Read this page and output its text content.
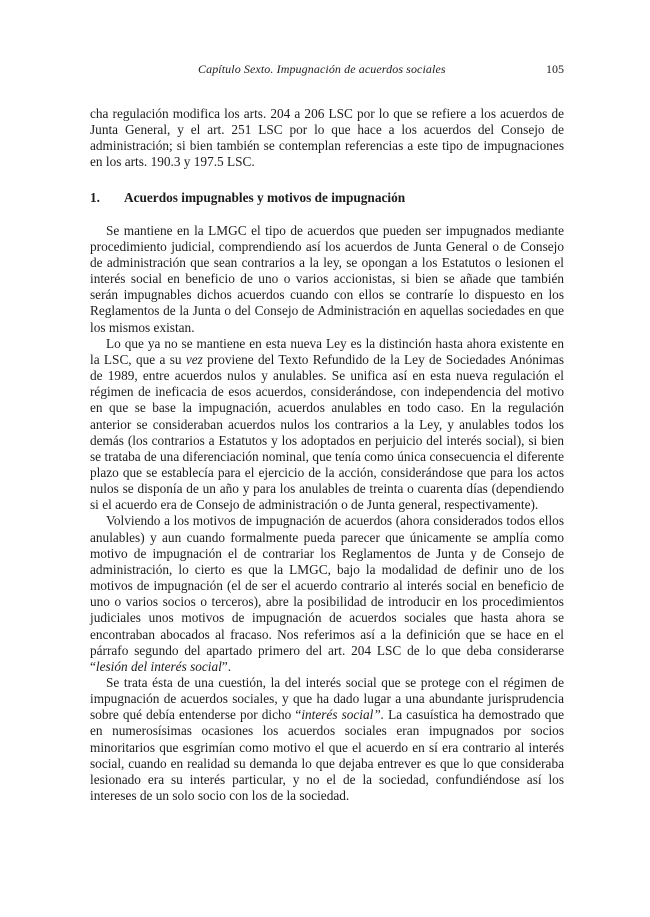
Capítulo Sexto. Impugnación de acuerdos sociales	105

cha regulación modifica los arts. 204 a 206 LSC por lo que se refiere a los acuerdos de Junta General, y el art. 251 LSC por lo que hace a los acuerdos del Consejo de administración; si bien también se contemplan referencias a este tipo de impugnaciones en los arts. 190.3 y 197.5 LSC.

1. Acuerdos impugnables y motivos de impugnación

Se mantiene en la LMGC el tipo de acuerdos que pueden ser impugnados mediante procedimiento judicial, comprendiendo así los acuerdos de Junta General o de Consejo de administración que sean contrarios a la ley, se opongan a los Estatutos o lesionen el interés social en beneficio de uno o varios accionistas, si bien se añade que también serán impugnables dichos acuerdos cuando con ellos se contraríe lo dispuesto en los Reglamentos de la Junta o del Consejo de Administración en aquellas sociedades en que los mismos existan.

Lo que ya no se mantiene en esta nueva Ley es la distinción hasta ahora existente en la LSC, que a su vez proviene del Texto Refundido de la Ley de Sociedades Anónimas de 1989, entre acuerdos nulos y anulables. Se unifica así en esta nueva regulación el régimen de ineficacia de esos acuerdos, considerándose, con independencia del motivo en que se base la impugnación, acuerdos anulables en todo caso. En la regulación anterior se consideraban acuerdos nulos los contrarios a la Ley, y anulables todos los demás (los contrarios a Estatutos y los adoptados en perjuicio del interés social), si bien se trataba de una diferenciación nominal, que tenía como única consecuencia el diferente plazo que se establecía para el ejercicio de la acción, considerándose que para los actos nulos se disponía de un año y para los anulables de treinta o cuarenta días (dependiendo si el acuerdo era de Consejo de administración o de Junta general, respectivamente).

Volviendo a los motivos de impugnación de acuerdos (ahora considerados todos ellos anulables) y aun cuando formalmente pueda parecer que únicamente se amplía como motivo de impugnación el de contrariar los Reglamentos de Junta y de Consejo de administración, lo cierto es que la LMGC, bajo la modalidad de definir uno de los motivos de impugnación (el de ser el acuerdo contrario al interés social en beneficio de uno o varios socios o terceros), abre la posibilidad de introducir en los procedimientos judiciales unos motivos de impugnación de acuerdos sociales que hasta ahora se encontraban abocados al fracaso. Nos referimos así a la definición que se hace en el párrafo segundo del apartado primero del art. 204 LSC de lo que deba considerarse “lesión del interés social”.

Se trata ésta de una cuestión, la del interés social que se protege con el régimen de impugnación de acuerdos sociales, y que ha dado lugar a una abundante jurisprudencia sobre qué debía entenderse por dicho “interés social”. La casuística ha demostrado que en numerosísimas ocasiones los acuerdos sociales eran impugnados por socios minoritarios que esgrimían como motivo el que el acuerdo en sí era contrario al interés social, cuando en realidad su demanda lo que dejaba entrever es que lo que consideraba lesionado era su interés particular, y no el de la sociedad, confundiéndose así los intereses de un solo socio con los de la sociedad.
